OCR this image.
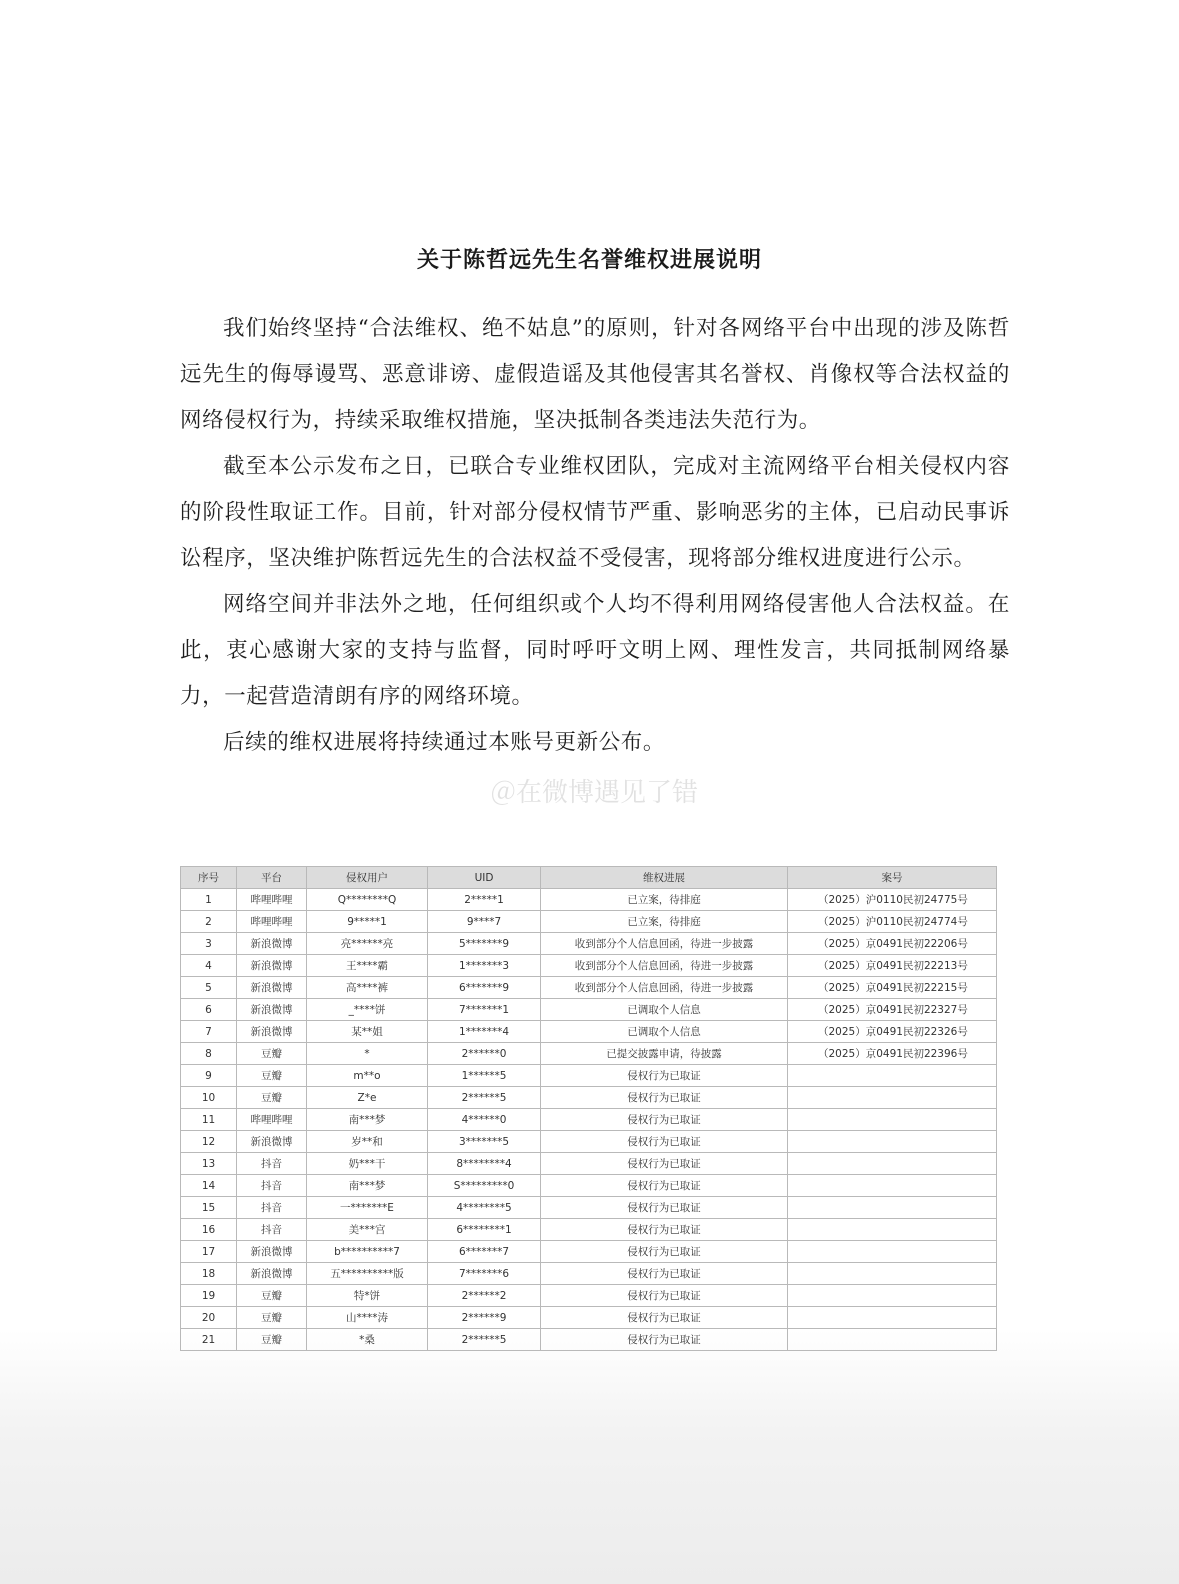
关于陈哲远先生名誉维权进展说明

我们始终坚持“合法维权、绝不姑息”的原则，针对各网络平台中出现的涉及陈哲远先生的侮辱谩骂、恶意诽谤、虚假造谣及其他侵害其名誉权、肖像权等合法权益的网络侵权行为，持续采取维权措施，坚决抵制各类违法失范行为。

截至本公示发布之日，已联合专业维权团队，完成对主流网络平台相关侵权内容的阶段性取证工作。目前，针对部分侵权情节严重、影响恶劣的主体，已启动民事诉讼程序，坚决维护陈哲远先生的合法权益不受侵害，现将部分维权进度进行公示。

网络空间并非法外之地，任何组织或个人均不得利用网络侵害他人合法权益。在此，衷心感谢大家的支持与监督，同时呼吁文明上网、理性发言，共同抵制网络暴力，一起营造清朗有序的网络环境。

后续的维权进展将持续通过本账号更新公布。

＠在微博遇见了错
序号	平台	侵权用户	UID	维权进展	案号
1	哔哩哔哩	Q********Q	2*****1	已立案，待排庭	（2025）沪0110民初24775号
2	哔哩哔哩	9*****1	9****7	已立案，待排庭	（2025）沪0110民初24774号
3	新浪微博	亮******亮	5*******9	收到部分个人信息回函，待进一步披露	（2025）京0491民初22206号
4	新浪微博	王****霸	1*******3	收到部分个人信息回函，待进一步披露	（2025）京0491民初22213号
5	新浪微博	高****裤	6*******9	收到部分个人信息回函，待进一步披露	（2025）京0491民初22215号
6	新浪微博	_****饼	7*******1	已调取个人信息	（2025）京0491民初22327号
7	新浪微博	某**姐	1*******4	已调取个人信息	（2025）京0491民初22326号
8	豆瓣	*	2******0	已提交披露申请，待披露	（2025）京0491民初22396号
9	豆瓣	m**o	1******5	侵权行为已取证	
10	豆瓣	Z*e	2******5	侵权行为已取证	
11	哔哩哔哩	南***梦	4******0	侵权行为已取证	
12	新浪微博	岁**和	3*******5	侵权行为已取证	
13	抖音	奶***干	8********4	侵权行为已取证	
14	抖音	南***梦	S*********0	侵权行为已取证	
15	抖音	一*******E	4********5	侵权行为已取证	
16	抖音	美***宫	6********1	侵权行为已取证	
17	新浪微博	b**********7	6*******7	侵权行为已取证	
18	新浪微博	五**********版	7*******6	侵权行为已取证	
19	豆瓣	特*饼	2******2	侵权行为已取证	
20	豆瓣	山****涛	2******9	侵权行为已取证	
21	豆瓣	*桑	2******5	侵权行为已取证	
